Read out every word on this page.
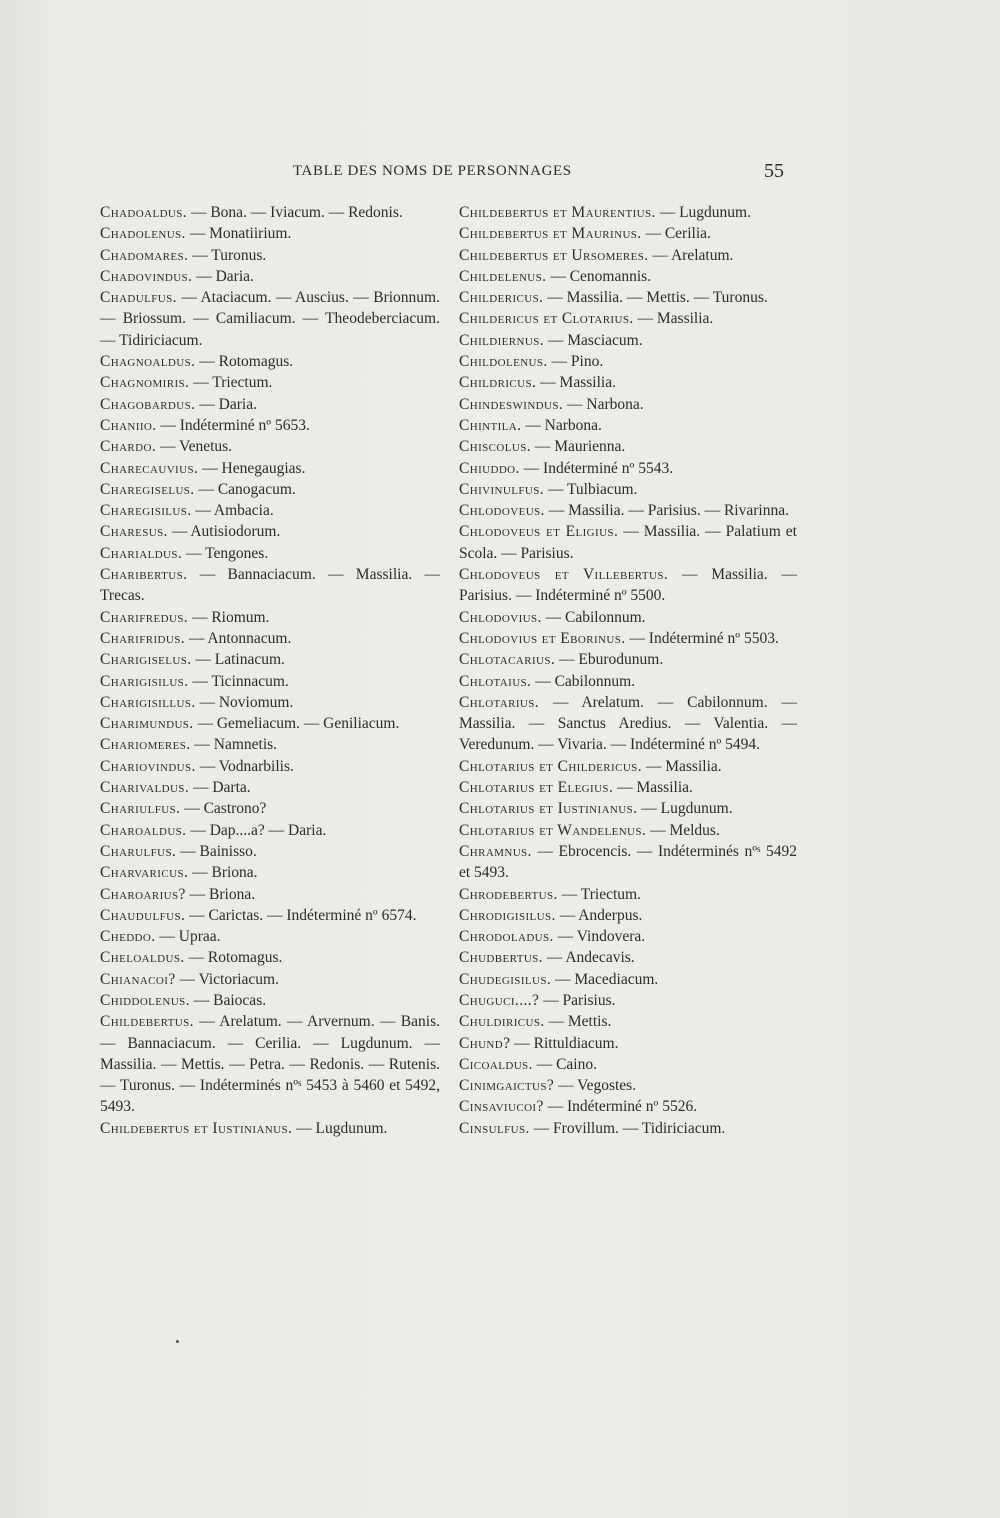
TABLE DES NOMS DE PERSONNAGES	55

Chadoaldus. — Bona. — Iviacum. — Redonis.

Chadolenus. — Monatiirium.

Chadomares. — Turonus.

Chadovindus. — Daria.

Chadulfus. — Ataciacum. — Auscius. — Brionnum. — Briossum. — Camiliacum. — Theodeberciacum. — Tidiriciacum.

Chagnoaldus. — Rotomagus.

Chagnomiris. — Triectum.

Chagobardus. — Daria.

Chaniio. — Indéterminé nº 5653.

Chardo. — Venetus.

Charecauvius. — Henegaugias.

Charegiselus. — Canogacum.

Charegisilus. — Ambacia.

Charesus. — Autisiodorum.

Charialdus. — Tengones.

Charibertus. — Bannaciacum. — Massilia. — Trecas.

Charifredus. — Riomum.

Charifridus. — Antonnacum.

Charigiselus. — Latinacum.

Charigisilus. — Ticinnacum.

Charigisillus. — Noviomum.

Charimundus. — Gemeliacum. — Geniliacum.

Chariomeres. — Namnetis.

Chariovindus. — Vodnarbilis.

Charivaldus. — Darta.

Chariulfus. — Castrono?

Charoaldus. — Dap....a? — Daria.

Charulfus. — Bainisso.

Charvaricus. — Briona.

Charoarius? — Briona.

Chaudulfus. — Carictas. — Indéterminé nº 6574.

Cheddo. — Upraa.

Cheloaldus. — Rotomagus.

Chianacoi? — Victoriacum.

Chiddolenus. — Baiocas.

Childebertus. — Arelatum. — Arvernum. — Banis. — Bannaciacum. — Cerilia. — Lugdunum. — Massilia. — Mettis. — Petra. — Redonis. — Rutenis. — Turonus. — Indéterminés nºˢ 5453 à 5460 et 5492, 5493.

Childebertus et Iustinianus. — Lugdunum.

Childebertus et Maurentius. — Lugdunum.

Childebertus et Maurinus. — Cerilia.

Childebertus et Ursomeres. — Arelatum.

Childelenus. — Cenomannis.

Childericus. — Massilia. — Mettis. — Turonus.

Childericus et Clotarius. — Massilia.

Childiernus. — Masciacum.

Childolenus. — Pino.

Childricus. — Massilia.

Chindeswindus. — Narbona.

Chintila. — Narbona.

Chiscolus. — Maurienna.

Chiuddo. — Indéterminé nº 5543.

Chivinulfus. — Tulbiacum.

Chlodoveus. — Massilia. — Parisius. — Rivarinna.

Chlodoveus et Eligius. — Massilia. — Palatium et Scola. — Parisius.

Chlodoveus et Villebertus. — Massilia. — Parisius. — Indéterminé nº 5500.

Chlodovius. — Cabilonnum.

Chlodovius et Eborinus. — Indéterminé nº 5503.

Chlotacarius. — Eburodunum.

Chlotaius. — Cabilonnum.

Chlotarius. — Arelatum. — Cabilonnum. — Massilia. — Sanctus Aredius. — Valentia. — Veredunum. — Vivaria. — Indéterminé nº 5494.

Chlotarius et Childericus. — Massilia.

Chlotarius et Elegius. — Massilia.

Chlotarius et Iustinianus. — Lugdunum.

Chlotarius et Wandelenus. — Meldus.

Chramnus. — Ebrocencis. — Indéterminés nºˢ 5492 et 5493.

Chrodebertus. — Triectum.

Chrodigisilus. — Anderpus.

Chrodoladus. — Vindovera.

Chudbertus. — Andecavis.

Chudegisilus. — Macediacum.

Chuguci....? — Parisius.

Chuldiricus. — Mettis.

Chund? — Rittuldiacum.

Cicoaldus. — Caino.

Cinimgaictus? — Vegostes.

Cinsaviucoi? — Indéterminé nº 5526.

Cinsulfus. — Frovillum. — Tidiriciacum.
